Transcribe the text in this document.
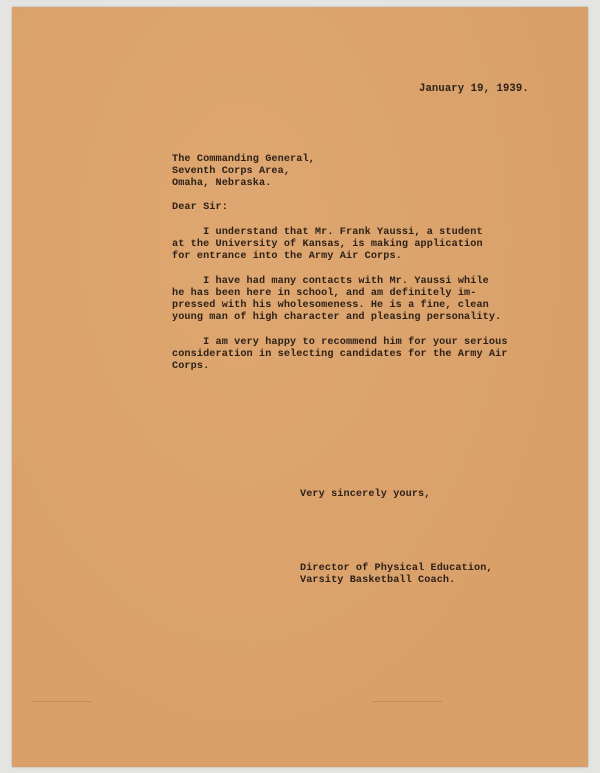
January 19, 1939.
The Commanding General,
Seventh Corps Area,
Omaha, Nebraska.
Dear Sir:
I understand that Mr. Frank Yaussi, a student
at the University of Kansas, is making application
for entrance into the Army Air Corps.
I have had many contacts with Mr. Yaussi while
he has been here in school, and am definitely im-
pressed with his wholesomeness. He is a fine, clean
young man of high character and pleasing personality.
I am very happy to recommend him for your serious
consideration in selecting candidates for the Army Air
Corps.
Very sincerely yours,
Director of Physical Education,
Varsity Basketball Coach.
